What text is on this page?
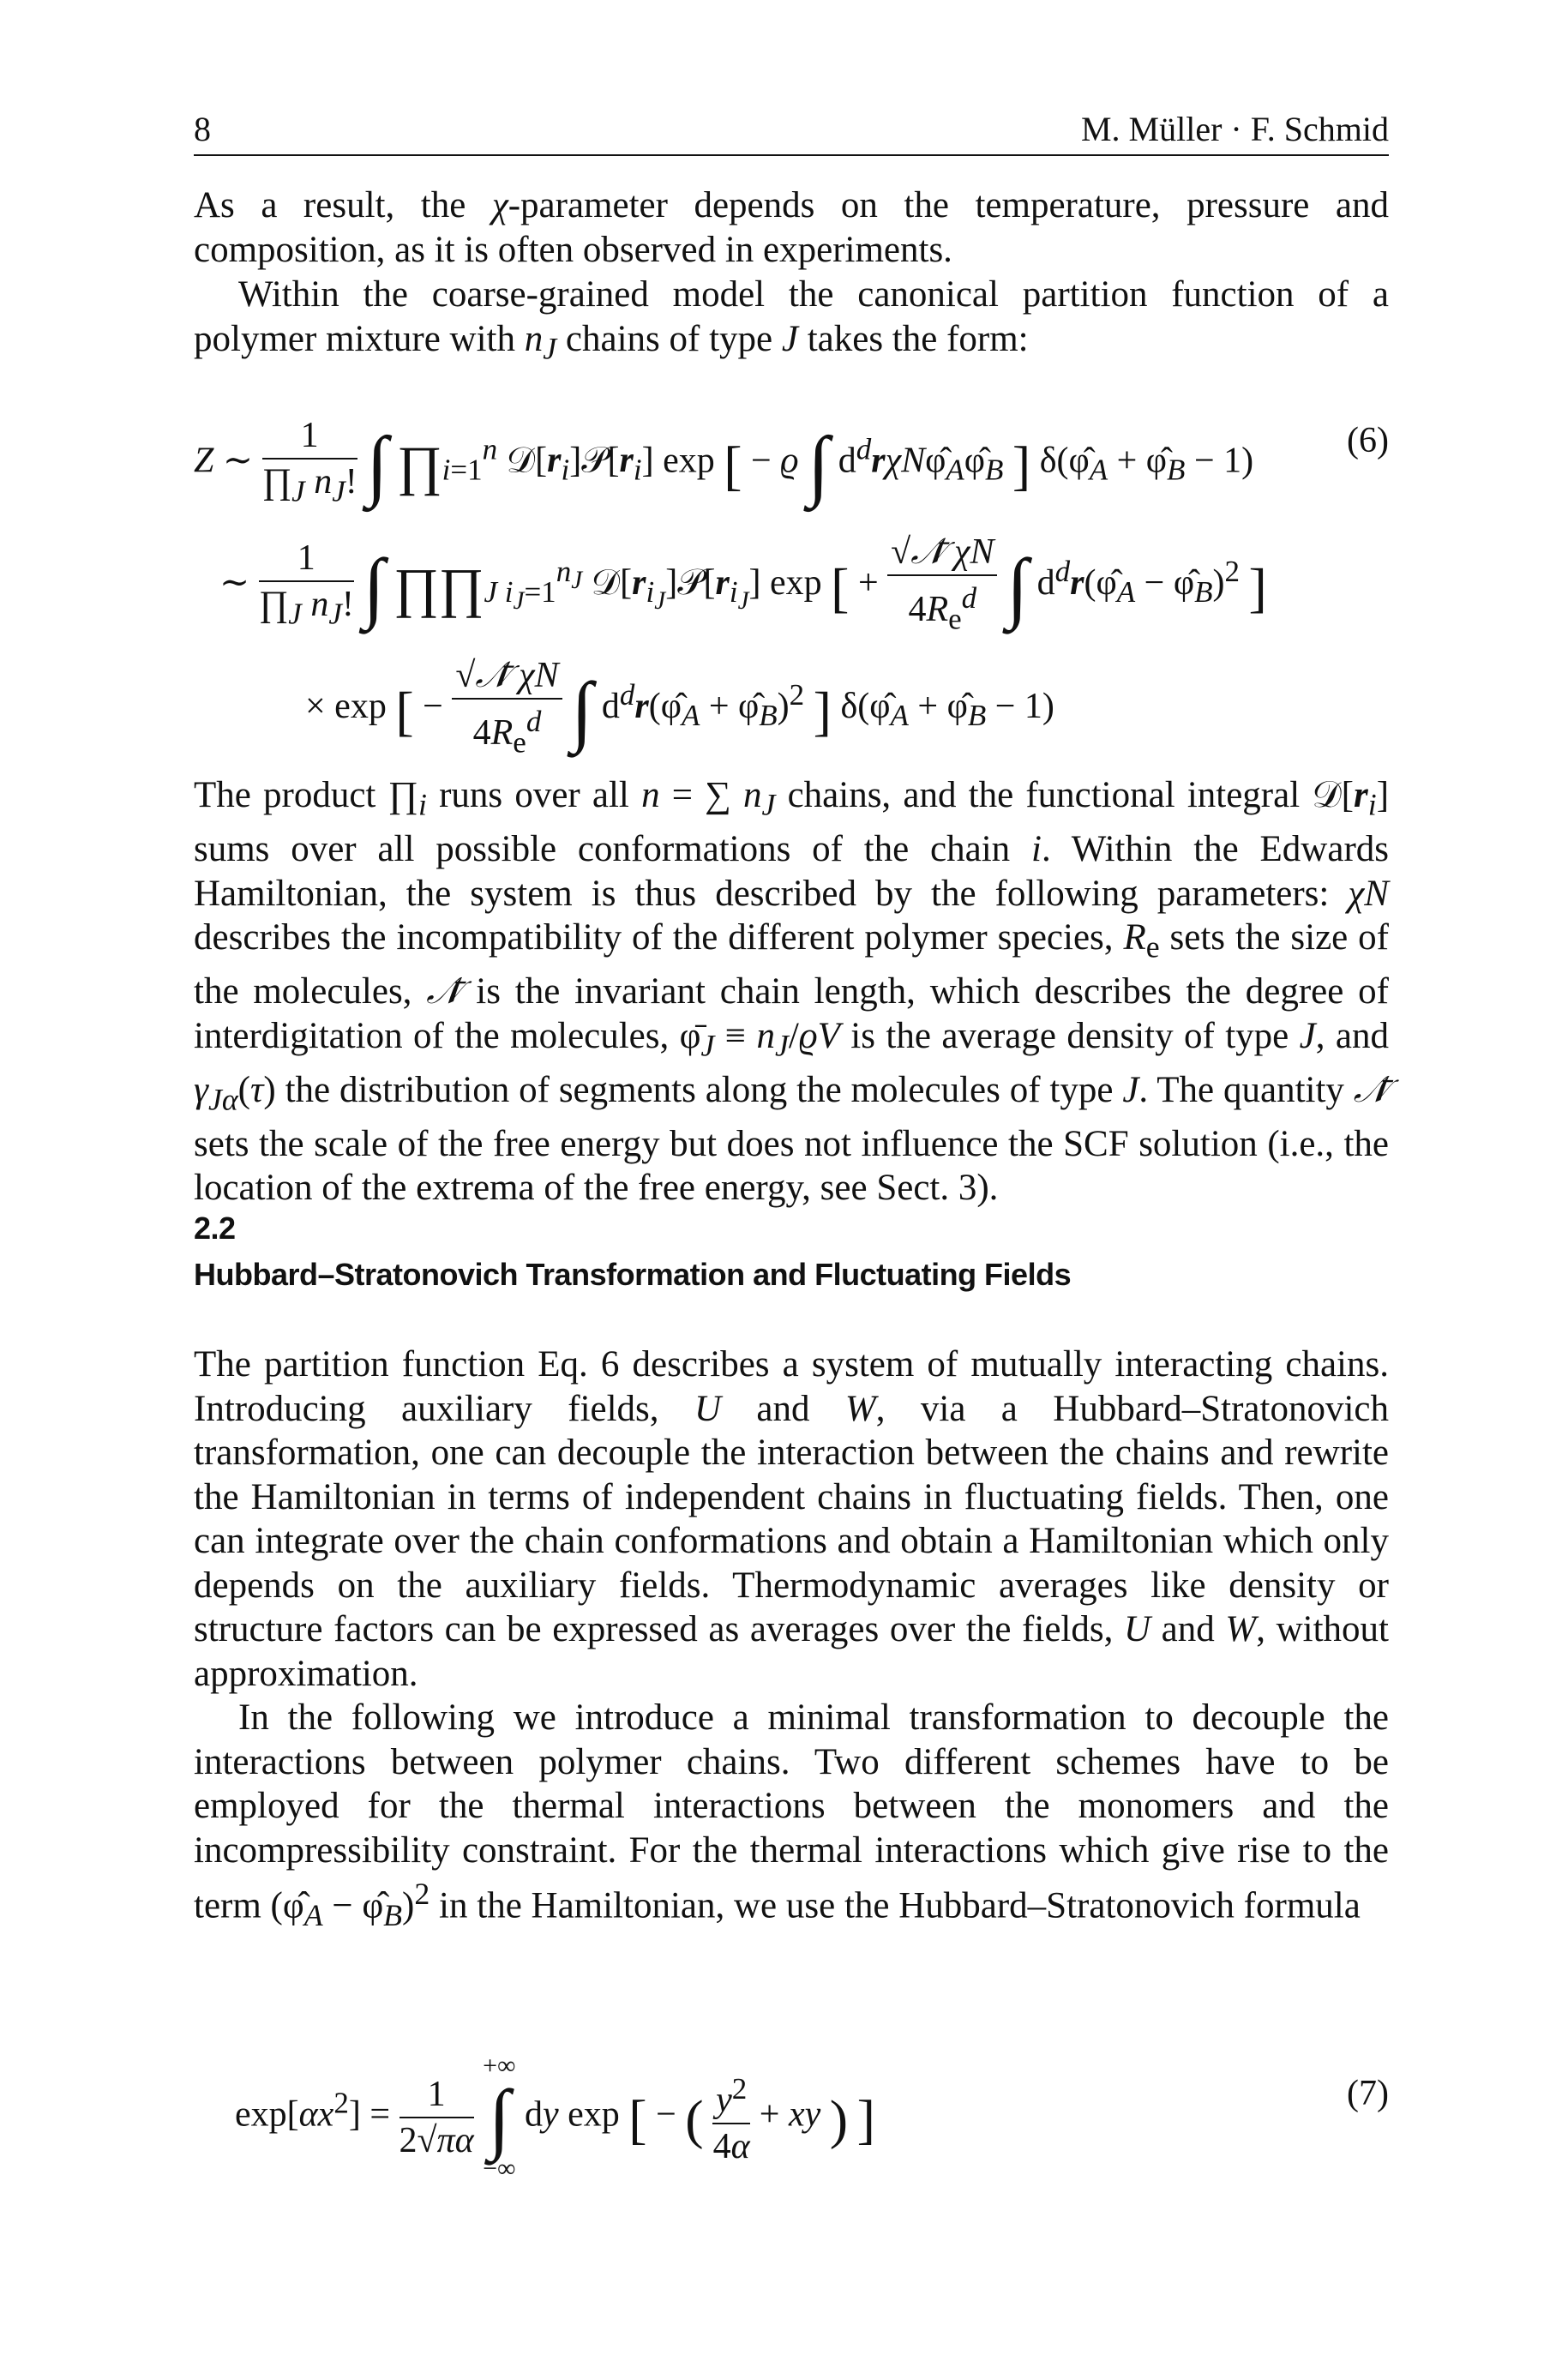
8	M. Müller · F. Schmid
As a result, the χ-parameter depends on the temperature, pressure and composition, as it is often observed in experiments.
Within the coarse-grained model the canonical partition function of a polymer mixture with $n_J$ chains of type J takes the form:
Z ∼ $\frac{1}{\prod_J n_J!}$ ∫ $\prod_{i=1}^n$ $𝒟[r_i]𝒫[r_i]$ exp [ − ϱ ∫ $d^dr\chi N\varphî_A\varphî_B$ ] $\delta(\varphî_A$ + $\varphî_B - 1$)
∼ $\frac{1}{\prod_J n_J!}$ ∫ $\prod\prod_{J i_J=1}^{n_J}$ $𝒟[r_{i_J}]𝒫[r_{i_J}]$ exp [ +
√𝒩̄ χN
$4R_e^d$ ∫ $d^dr(\varphî_A$ − $\varphî_B)^2$ ]
× exp [ −
√𝒩̄ χN
$4R_e^d$ ∫ $d^dr(\varphî_A$ + $\varphî_B)^2$ ] $\delta(\varphî_A$ + $\varphî_B - 1$)
(6)
The product $\prod_i$ runs over all n = ∑ $n_J$ chains, and the functional integral $𝒟[r_i]$ sums over all possible conformations of the chain i. Within the Edwards Hamiltonian, the system is thus described by the following parameters: χN describes the incompatibility of the different polymer species, $R_e$ sets the size of the molecules, 𝒩̄ is the invariant chain length, which describes the degree of interdigitation of the molecules, $\varphī_J \equiv n_J/ϱV$ is the average density of type J, and $\gamma_{J\alpha}(\tau)$ the distribution of segments along the molecules of type J. The quantity 𝒩̄ sets the scale of the free energy but does not influence the SCF solution (i.e., the location of the extrema of the free energy, see Sect. 3).
2.2
Hubbard–Stratonovich Transformation and Fluctuating Fields
The partition function Eq. 6 describes a system of mutually interacting chains. Introducing auxiliary fields, U and W, via a Hubbard–Stratonovich transformation, one can decouple the interaction between the chains and rewrite the Hamiltonian in terms of independent chains in fluctuating fields. Then, one can integrate over the chain conformations and obtain a Hamiltonian which only depends on the auxiliary fields. Thermodynamic averages like density or structure factors can be expressed as averages over the fields, U and W, without approximation.
In the following we introduce a minimal transformation to decouple the interactions between polymer chains. Two different schemes have to be employed for the thermal interactions between the monomers and the incompressibility constraint. For the thermal interactions which give rise to the term ($\varphî_A$ − $\varphî_B)^2$ in the Hamiltonian, we use the Hubbard–Stratonovich formula
$\exp[\alpha x^2] = \frac{1}{2√\pi\alpha}$

+∞
∫
−∞
dy exp [ − ( $\frac{y^2}{4\alpha}$ + xy ) ]	(7)
